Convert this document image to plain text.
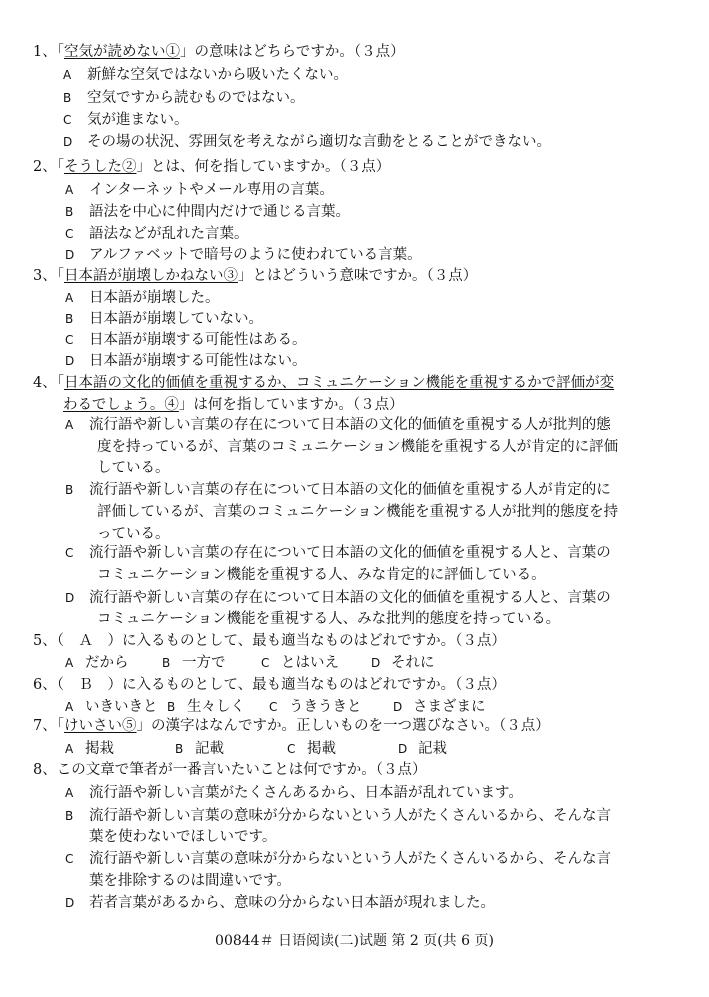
1、「空気が読めない①」の意味はどちらですか。（３点）
A 新鮮な空気ではないから吸いたくない。
B 空気ですから読むものではない。
C 気が進まない。
D その場の状況、雰囲気を考えながら適切な言動をとることができない。
2、「そうした②」とは、何を指していますか。（３点）
A インターネットやメール専用の言葉。
B 語法を中心に仲間内だけで通じる言葉。
C 語法などが乱れた言葉。
D アルファベットで暗号のように使われている言葉。
3、「日本語が崩壊しかねない③」とはどういう意味ですか。（３点）
A 日本語が崩壊した。
B 日本語が崩壊していない。
C 日本語が崩壊する可能性はある。
D 日本語が崩壊する可能性はない。
4、「日本語の文化的価値を重視するか、コミュニケーション機能を重視するかで評価が変
わるでしょう。④」は何を指していますか。（３点）
A 流行語や新しい言葉の存在について日本語の文化的価値を重視する人が批判的態
度を持っているが、言葉のコミュニケーション機能を重視する人が肯定的に評価
している。
B 流行語や新しい言葉の存在について日本語の文化的価値を重視する人が肯定的に
評価しているが、言葉のコミュニケーション機能を重視する人が批判的態度を持
っている。
C 流行語や新しい言葉の存在について日本語の文化的価値を重視する人と、言葉の
コミュニケーション機能を重視する人、みな肯定的に評価している。
D 流行語や新しい言葉の存在について日本語の文化的価値を重視する人と、言葉の
コミュニケーション機能を重視する人、みな批判的態度を持っている。
5、（　Ａ　）に入るものとして、最も適当なものはどれですか。（３点）
A だから	B 一方で	C とはいえ	D それに
6、（　Ｂ　）に入るものとして、最も適当なものはどれですか。（３点）
A いきいきと B 生々しく C うきうきと	D さまざまに
7、「けいさい⑤」の漢字はなんですか。正しいものを一つ選びなさい。（３点）
A 掲栽	B 記載	C 掲載	D 記栽
8、この文章で筆者が一番言いたいことは何ですか。（３点）
A 流行語や新しい言葉がたくさんあるから、日本語が乱れています。
B 流行語や新しい言葉の意味が分からないという人がたくさんいるから、そんな言
葉を使わないでほしいです。
C 流行語や新しい言葉の意味が分からないという人がたくさんいるから、そんな言
葉を排除するのは間違いです。
D 若者言葉があるから、意味の分からない日本語が現れました。
00844＃ 日语阅读(二)试题 第 2 页(共 6 页)
